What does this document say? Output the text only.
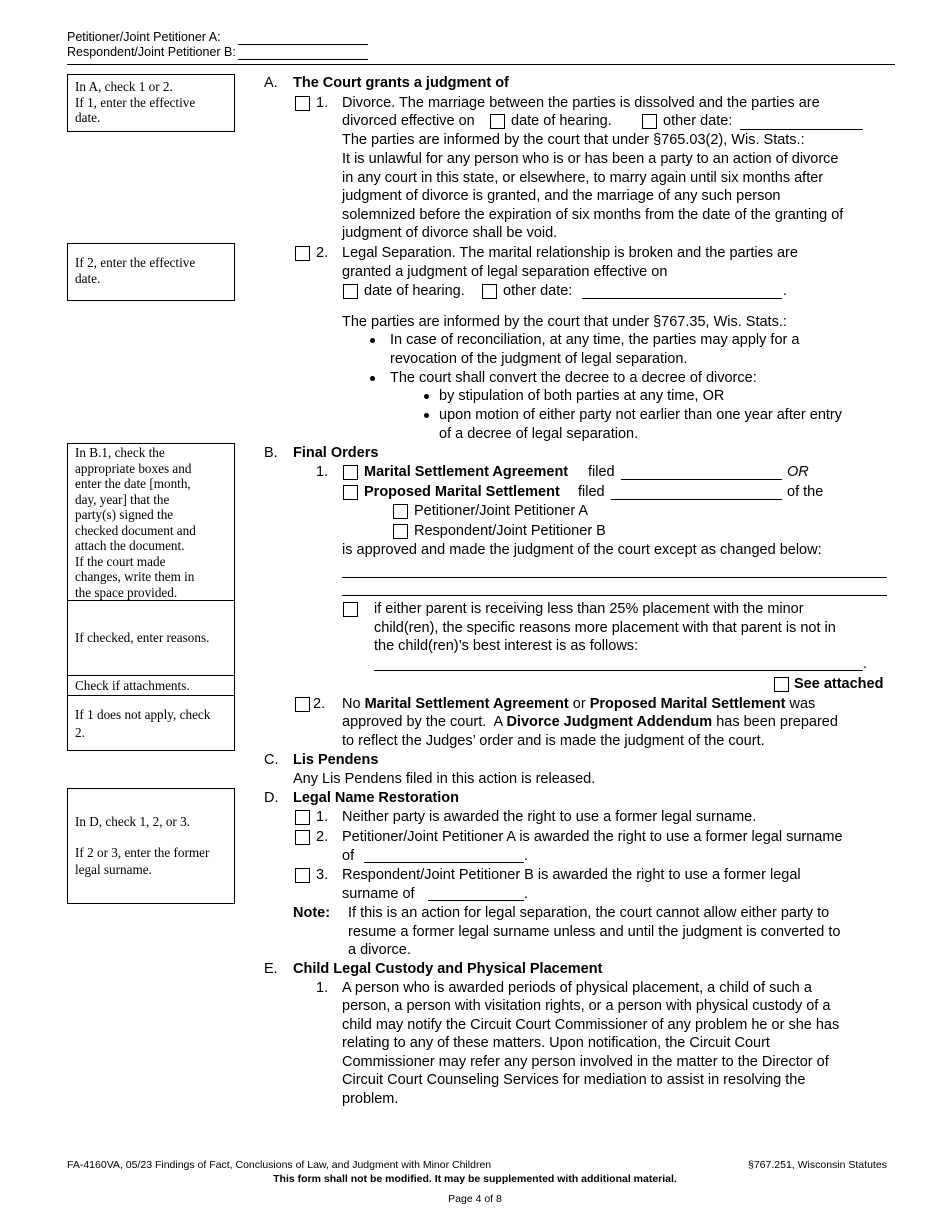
Petitioner/Joint Petitioner A:
Respondent/Joint Petitioner B:
In A, check 1 or 2.
If 1, enter the effective
date.
If 2, enter the effective
date.
In B.1, check the
appropriate boxes and
enter the date [month,
day, year] that the
party(s) signed the
checked document and
attach the document.
If the court made
changes, write them in
the space provided.
If checked, enter reasons.
Check if attachments.
If 1 does not apply, check
2.
In D, check 1, 2, or 3.
If 2 or 3, enter the former
legal surname.
A. The Court grants a judgment of
1. Divorce. The marriage between the parties is dissolved and the parties are
divorced effective on	date of hearing.	other date:
The parties are informed by the court that under §765.03(2), Wis. Stats.:
It is unlawful for any person who is or has been a party to an action of divorce
in any court in this state, or elsewhere, to marry again until six months after
judgment of divorce is granted, and the marriage of any such person
solemnized before the expiration of six months from the date of the granting of
judgment of divorce shall be void.
2. Legal Separation. The marital relationship is broken and the parties are
granted a judgment of legal separation effective on
date of hearing.	other date:	.
The parties are informed by the court that under §767.35, Wis. Stats.:
In case of reconciliation, at any time, the parties may apply for a
revocation of the judgment of legal separation.
The court shall convert the decree to a decree of divorce:
by stipulation of both parties at any time, OR
upon motion of either party not earlier than one year after entry
of a decree of legal separation.
B. Final Orders
1. Marital Settlement Agreement filed	OR
Proposed Marital Settlement filed	of the
Petitioner/Joint Petitioner A
Respondent/Joint Petitioner B
is approved and made the judgment of the court except as changed below:
if either parent is receiving less than 25% placement with the minor
child(ren), the specific reasons more placement with that parent is not in
the child(ren)’s best interest is as follows:
.
See attached
2. No Marital Settlement Agreement or Proposed Marital Settlement was
approved by the court.  A Divorce Judgment Addendum has been prepared
to reflect the Judges’ order and is made the judgment of the court.
C. Lis Pendens
Any Lis Pendens filed in this action is released.
D. Legal Name Restoration
1. Neither party is awarded the right to use a former legal surname.
2. Petitioner/Joint Petitioner A is awarded the right to use a former legal surname
of	.
3. Respondent/Joint Petitioner B is awarded the right to use a former legal
surname of	.
Note: If this is an action for legal separation, the court cannot allow either party to
resume a former legal surname unless and until the judgment is converted to
a divorce.
E. Child Legal Custody and Physical Placement
1. A person who is awarded periods of physical placement, a child of such a
person, a person with visitation rights, or a person with physical custody of a
child may notify the Circuit Court Commissioner of any problem he or she has
relating to any of these matters. Upon notification, the Circuit Court
Commissioner may refer any person involved in the matter to the Director of
Circuit Court Counseling Services for mediation to assist in resolving the
problem.
FA-4160VA, 05/23 Findings of Fact, Conclusions of Law, and Judgment with Minor Children	§767.251, Wisconsin Statutes
This form shall not be modified. It may be supplemented with additional material.
Page 4 of 8
